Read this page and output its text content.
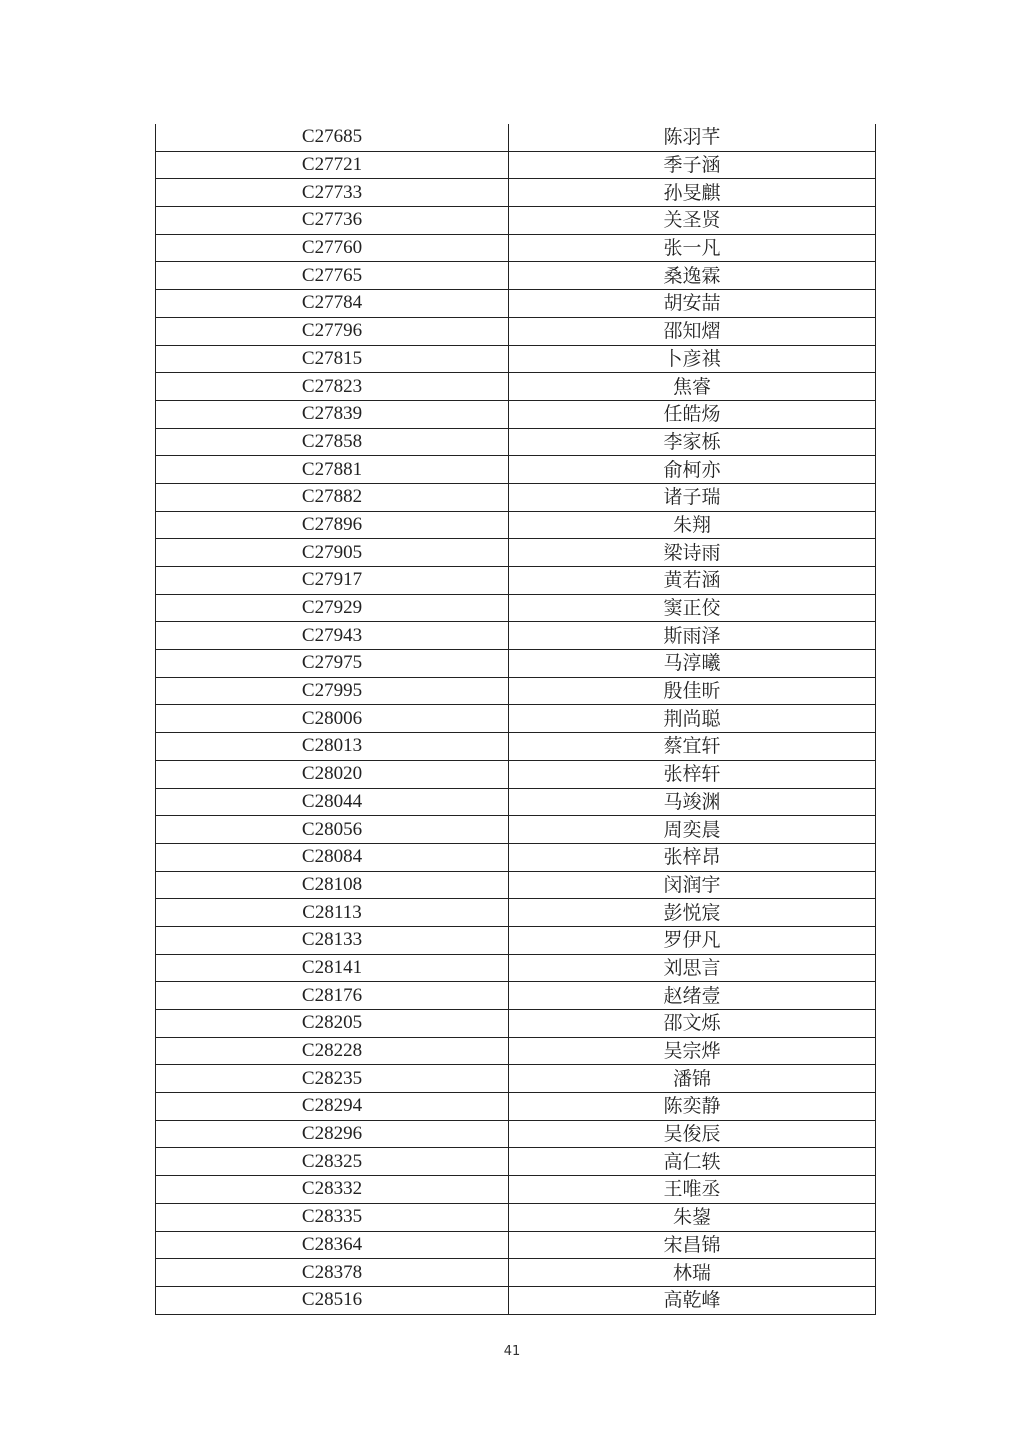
C27685	陈羽芊
C27721	季子涵
C27733	孙旻麒
C27736	关圣贤
C27760	张一凡
C27765	桑逸霖
C27784	胡安喆
C27796	邵知熠
C27815	卜彦祺
C27823	焦睿
C27839	任皓炀
C27858	李家栎
C27881	俞柯亦
C27882	诸子瑞
C27896	朱翔
C27905	梁诗雨
C27917	黄若涵
C27929	窦正佼
C27943	斯雨泽
C27975	马淳曦
C27995	殷佳昕
C28006	荆尚聪
C28013	蔡宜轩
C28020	张梓轩
C28044	马竣渊
C28056	周奕晨
C28084	张梓昂
C28108	闵润宇
C28113	彭悦宸
C28133	罗伊凡
C28141	刘思言
C28176	赵绪壹
C28205	邵文烁
C28228	吴宗烨
C28235	潘锦
C28294	陈奕静
C28296	吴俊辰
C28325	高仁轶
C28332	王唯丞
C28335	朱鋆
C28364	宋昌锦
C28378	林瑞
C28516	高乾峰
41
